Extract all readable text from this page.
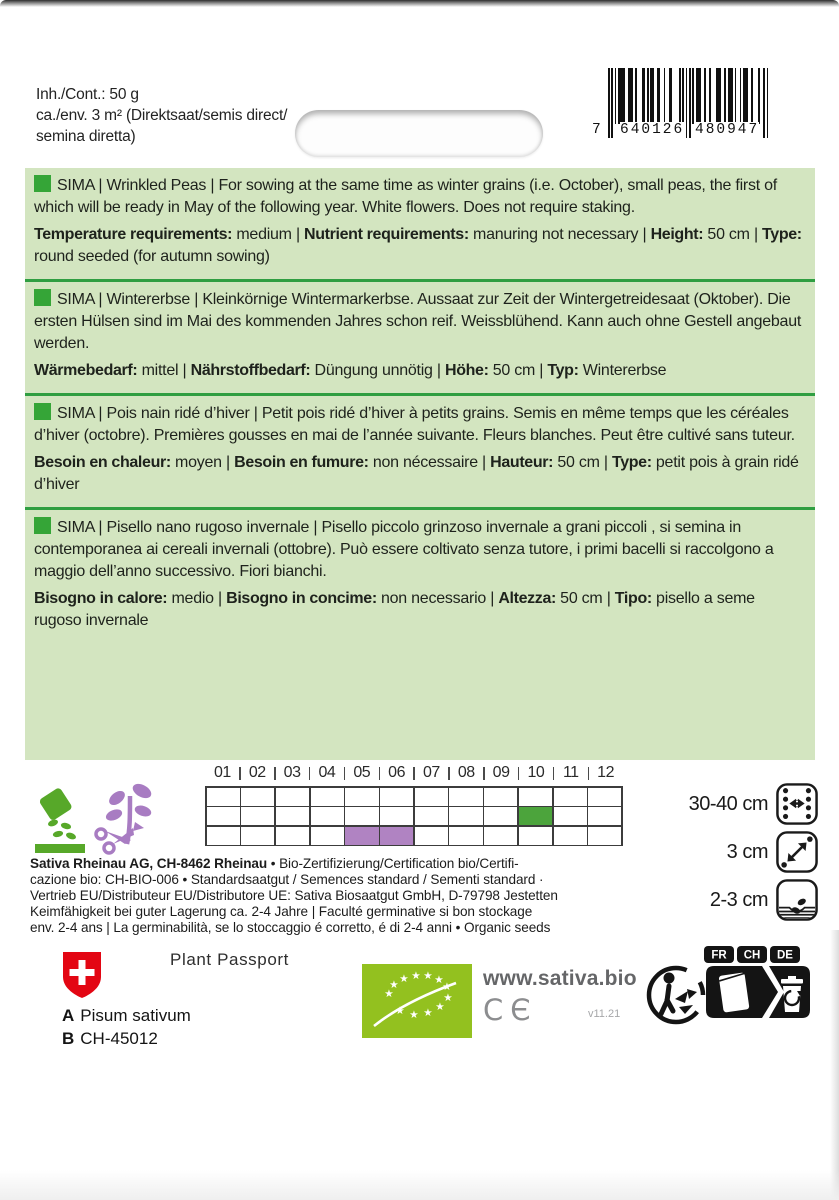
Inh./Cont.: 50 g
ca./env. 3 m² (Direktsaat/semis direct/
semina diretta)	7 640126 480947

SIMA | Wrinkled Peas | For sowing at the same time as winter grains (i.e. October), small peas, the first of which will be ready in May of the following year. White flowers. Does not require staking.

Temperature requirements: medium | Nutrient requirements: manuring not necessary | Height: 50 cm | Type: round seeded (for autumn sowing)

SIMA | Wintererbse | Kleinkörnige Wintermarkerbse. Aussaat zur Zeit der Wintergetreidesaat (Oktober). Die ersten Hülsen sind im Mai des kommenden Jahres schon reif. Weissblühend. Kann auch ohne Gestell angebaut werden.

Wärmebedarf: mittel | Nährstoffbedarf: Düngung unnötig | Höhe: 50 cm | Typ: Wintererbse

SIMA | Pois nain ridé d’hiver | Petit pois ridé d’hiver à petits grains. Semis en même temps que les céréales d’hiver (octobre). Premières gousses en mai de l’année suivante. Fleurs blanches. Peut être cultivé sans tuteur.

Besoin en chaleur: moyen | Besoin en fumure: non nécessaire | Hauteur: 50 cm | Type: petit pois à grain ridé d’hiver

SIMA | Pisello nano rugoso invernale | Pisello piccolo grinzoso invernale a grani piccoli , si semina in contemporanea ai cereali invernali (ottobre). Può essere coltivato senza tutore, i primi bacelli si raccolgono a maggio dell’anno successivo. Fiori bianchi.

Bisogno in calore: medio | Bisogno in concime: non necessario | Altezza: 50 cm | Tipo: pisello a seme rugoso invernale

01	02	03	04	05	06	07	08	09	10	11	12
30-40 cm
3 cm
2-3 cm
Sativa Rheinau AG, CH-8462 Rheinau • Bio-Zertifizierung/Certification bio/Certifi-
cazione bio: CH-BIO-006 • Standardsaatgut / Semences standard / Sementi standard ·
Vertrieb EU/Distributeur EU/Distributore UE: Sativa Biosaatgut GmbH, D-79798 Jestetten
Keimfähigkeit bei guter Lagerung ca. 2-4 Jahre | Faculté germinative si bon stockage
env. 2-4 ans | La germinabilità, se lo stoccaggio é corretto, é di 2-4 anni • Organic seeds
Plant Passport
A Pisum sativum
B CH-45012
★
★ ★ ★ ★ ★
★
★
★
★
★
★
www.sativa.bio
CЄ	v11.21
FR CH DE
